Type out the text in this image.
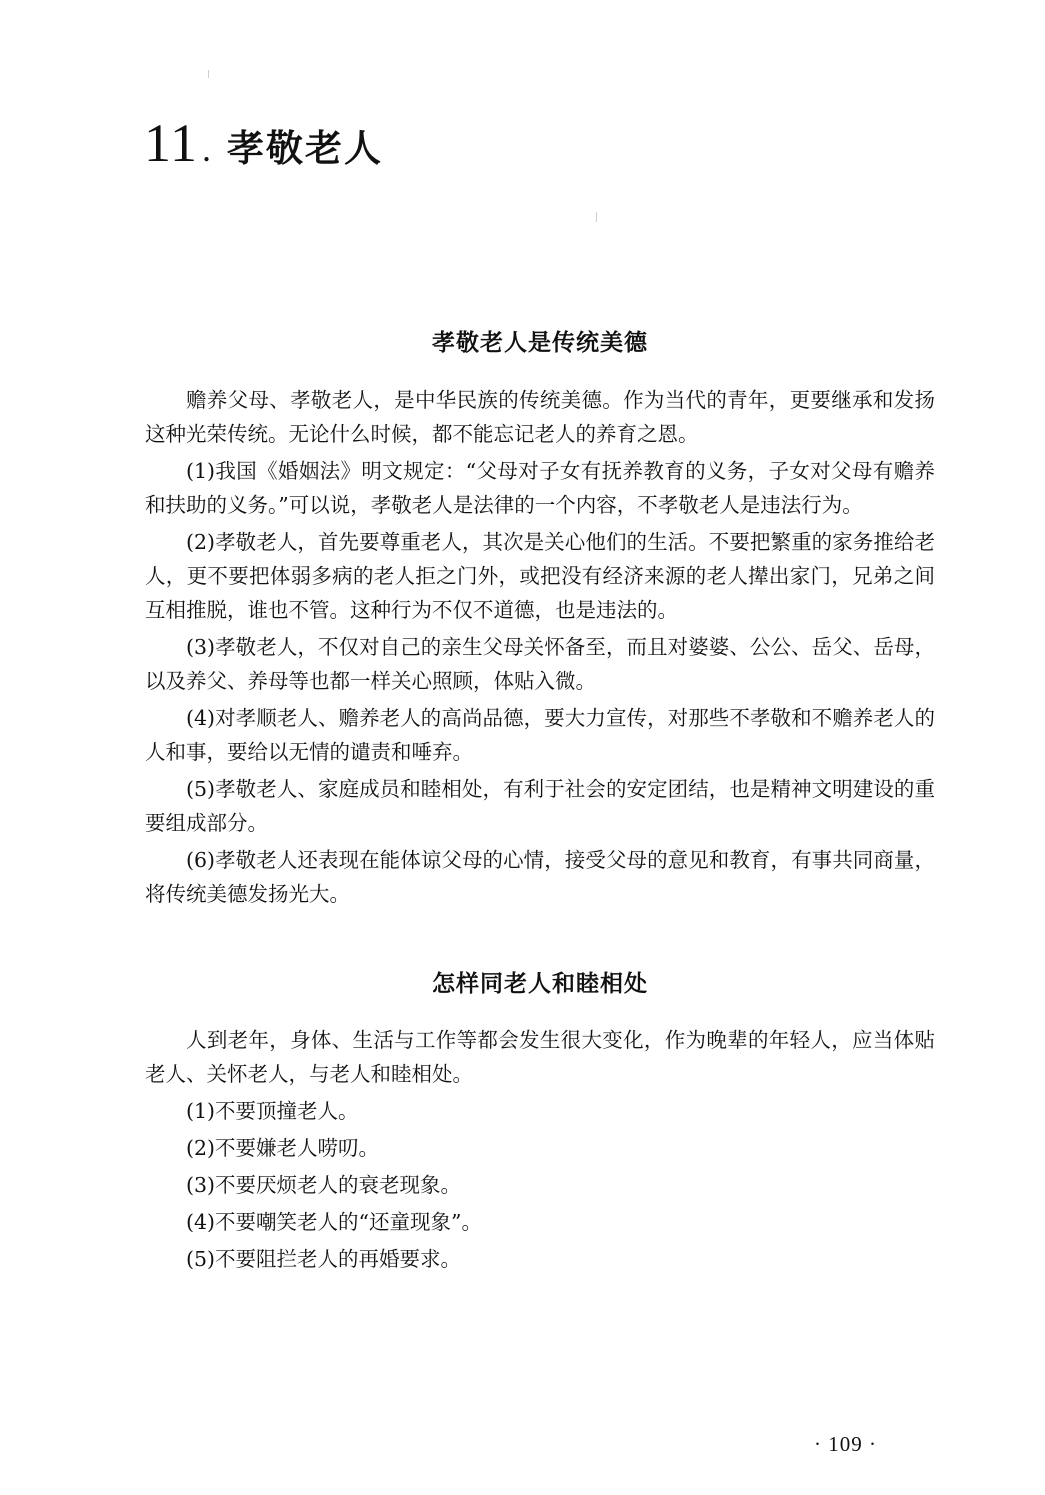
11 . 孝敬老人
孝敬老人是传统美德

赡养父母、孝敬老人，是中华民族的传统美德。作为当代的青年，更要继承和发扬这种光荣传统。无论什么时候，都不能忘记老人的养育之恩。

(1)我国《婚姻法》明文规定：“父母对子女有抚养教育的义务，子女对父母有赡养和扶助的义务。”可以说，孝敬老人是法律的一个内容，不孝敬老人是违法行为。

(2)孝敬老人，首先要尊重老人，其次是关心他们的生活。不要把繁重的家务推给老人，更不要把体弱多病的老人拒之门外，或把没有经济来源的老人撵出家门，兄弟之间互相推脱，谁也不管。这种行为不仅不道德，也是违法的。

(3)孝敬老人，不仅对自己的亲生父母关怀备至，而且对婆婆、公公、岳父、岳母，以及养父、养母等也都一样关心照顾，体贴入微。

(4)对孝顺老人、赡养老人的高尚品德，要大力宣传，对那些不孝敬和不赡养老人的人和事，要给以无情的谴责和唾弃。

(5)孝敬老人、家庭成员和睦相处，有利于社会的安定团结，也是精神文明建设的重要组成部分。

(6)孝敬老人还表现在能体谅父母的心情，接受父母的意见和教育，有事共同商量，将传统美德发扬光大。

怎样同老人和睦相处

人到老年，身体、生活与工作等都会发生很大变化，作为晚辈的年轻人，应当体贴老人、关怀老人，与老人和睦相处。

(1)不要顶撞老人。

(2)不要嫌老人唠叨。

(3)不要厌烦老人的衰老现象。

(4)不要嘲笑老人的“还童现象”。

(5)不要阻拦老人的再婚要求。

· 109 ·
